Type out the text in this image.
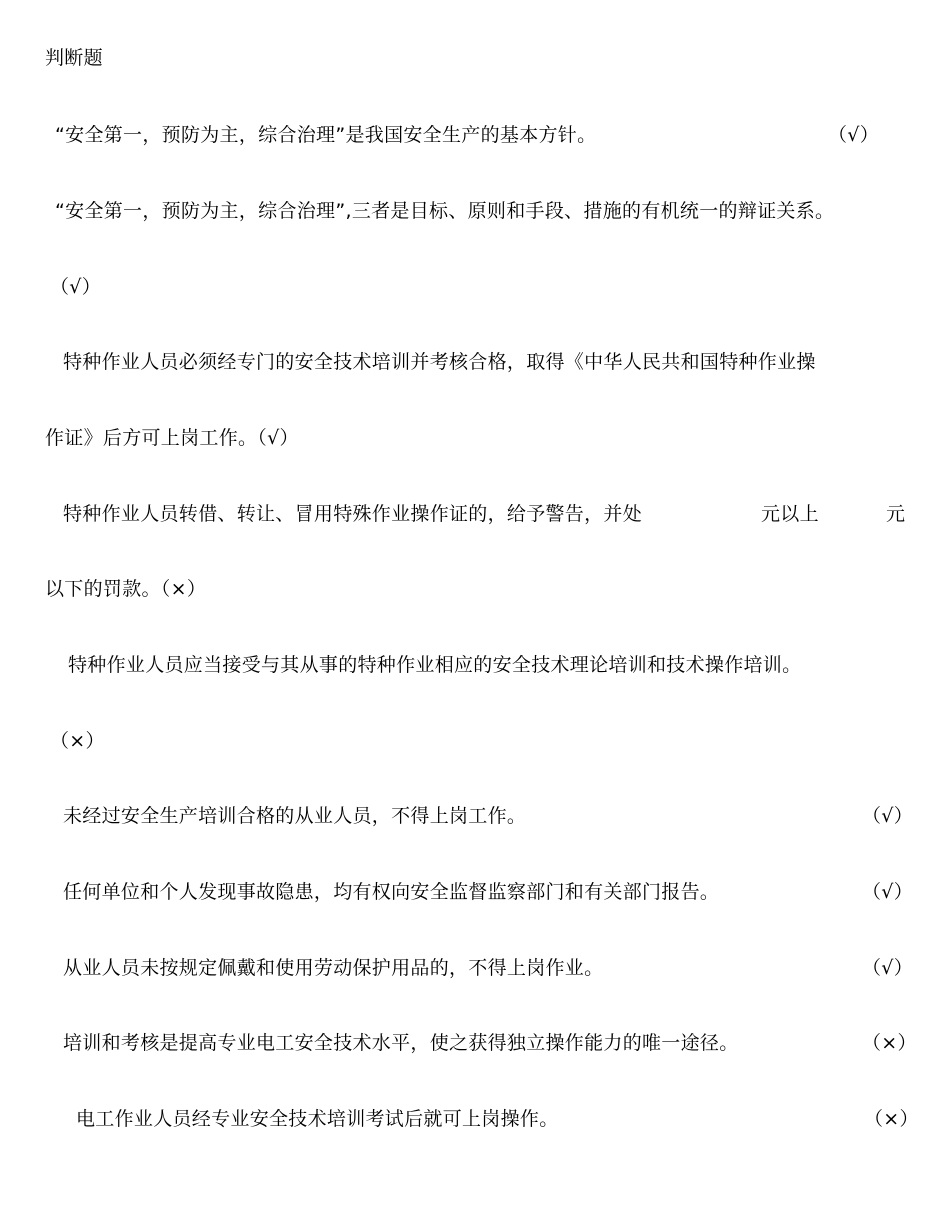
判断题
“安全第一，预防为主，综合治理”是我国安全生产的基本方针。	（√）
“安全第一，预防为主，综合治理”,三者是目标、原则和手段、措施的有机统一的辩证关系。
（√）
特种作业人员必须经专门的安全技术培训并考核合格，取得《中华人民共和国特种作业操
作证》后方可上岗工作。（√）
特种作业人员转借、转让、冒用特殊作业操作证的，给予警告，并处	元以上	元
以下的罚款。（×）
特种作业人员应当接受与其从事的特种作业相应的安全技术理论培训和技术操作培训。
（×）
未经过安全生产培训合格的从业人员，不得上岗工作。	（√）
任何单位和个人发现事故隐患，均有权向安全监督监察部门和有关部门报告。	（√）
从业人员未按规定佩戴和使用劳动保护用品的，不得上岗作业。	（√）
培训和考核是提高专业电工安全技术水平，使之获得独立操作能力的唯一途径。	（×）
电工作业人员经专业安全技术培训考试后就可上岗操作。	（×）
